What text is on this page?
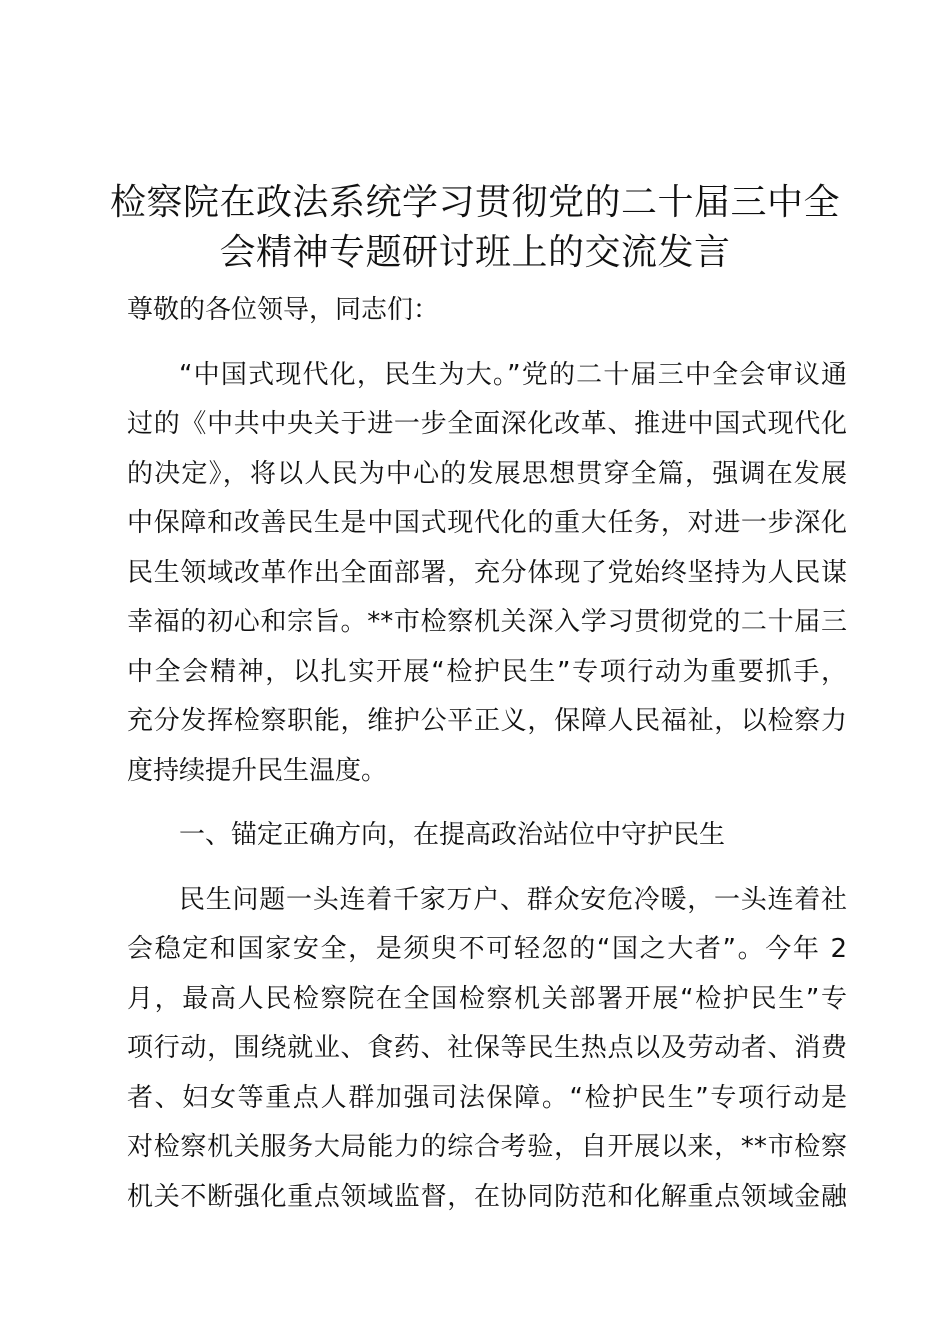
检察院在政法系统学习贯彻党的二十届三中全
会精神专题研讨班上的交流发言
尊敬的各位领导，同志们：
“中国式现代化，民生为大。”党的二十届三中全会审议通
过的《中共中央关于进一步全面深化改革、推进中国式现代化
的决定》，将以人民为中心的发展思想贯穿全篇，强调在发展
中保障和改善民生是中国式现代化的重大任务，对进一步深化
民生领域改革作出全面部署，充分体现了党始终坚持为人民谋
幸福的初心和宗旨。**市检察机关深入学习贯彻党的二十届三
中全会精神，以扎实开展“检护民生”专项行动为重要抓手，
充分发挥检察职能，维护公平正义，保障人民福祉，以检察力
度持续提升民生温度。
一、锚定正确方向，在提高政治站位中守护民生
民生问题一头连着千家万户、群众安危冷暖，一头连着社
会稳定和国家安全，是须臾不可轻忽的“国之大者”。今年 2
月，最高人民检察院在全国检察机关部署开展“检护民生”专
项行动，围绕就业、食药、社保等民生热点以及劳动者、消费
者、妇女等重点人群加强司法保障。“检护民生”专项行动是
对检察机关服务大局能力的综合考验，自开展以来，**市检察
机关不断强化重点领域监督，在协同防范和化解重点领域金融
